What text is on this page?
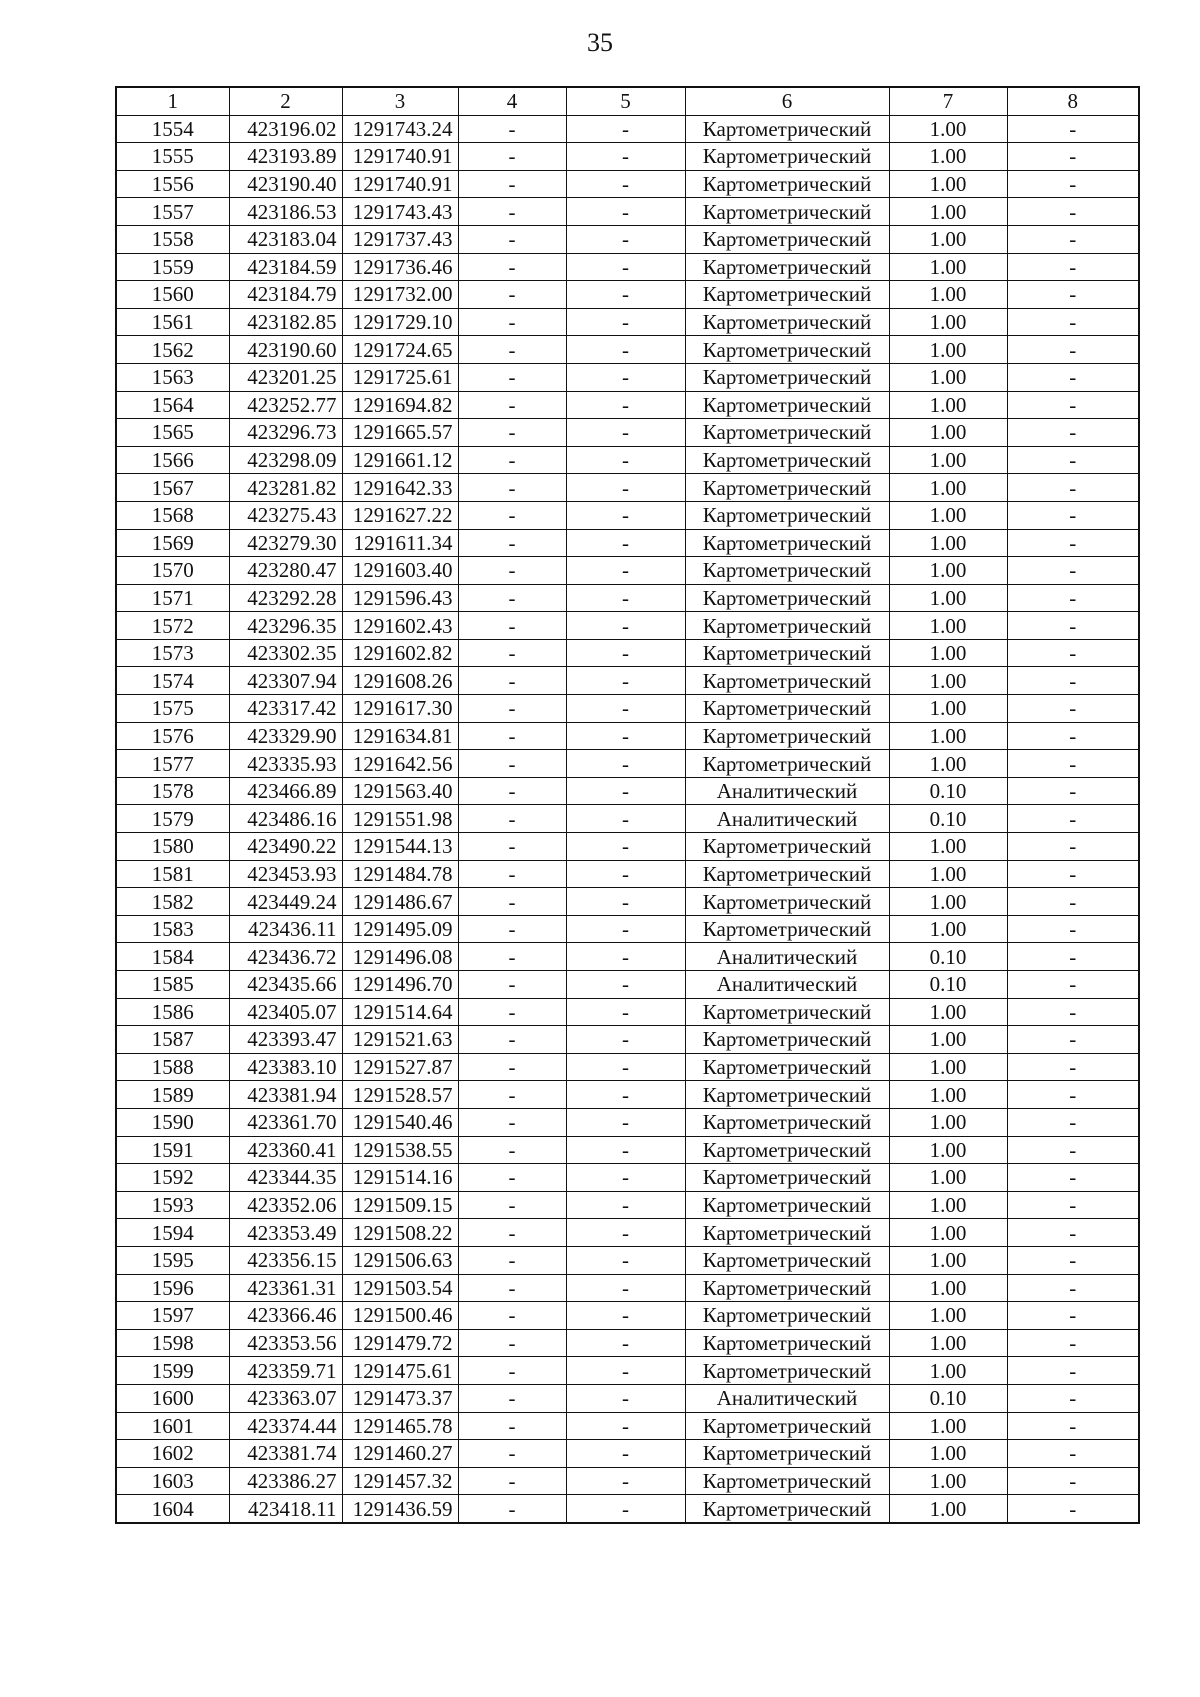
35
1	2	3	4	5	6	7	8
1554	423196.02	1291743.24	-	-	Картометрический	1.00	-
1555	423193.89	1291740.91	-	-	Картометрический	1.00	-
1556	423190.40	1291740.91	-	-	Картометрический	1.00	-
1557	423186.53	1291743.43	-	-	Картометрический	1.00	-
1558	423183.04	1291737.43	-	-	Картометрический	1.00	-
1559	423184.59	1291736.46	-	-	Картометрический	1.00	-
1560	423184.79	1291732.00	-	-	Картометрический	1.00	-
1561	423182.85	1291729.10	-	-	Картометрический	1.00	-
1562	423190.60	1291724.65	-	-	Картометрический	1.00	-
1563	423201.25	1291725.61	-	-	Картометрический	1.00	-
1564	423252.77	1291694.82	-	-	Картометрический	1.00	-
1565	423296.73	1291665.57	-	-	Картометрический	1.00	-
1566	423298.09	1291661.12	-	-	Картометрический	1.00	-
1567	423281.82	1291642.33	-	-	Картометрический	1.00	-
1568	423275.43	1291627.22	-	-	Картометрический	1.00	-
1569	423279.30	1291611.34	-	-	Картометрический	1.00	-
1570	423280.47	1291603.40	-	-	Картометрический	1.00	-
1571	423292.28	1291596.43	-	-	Картометрический	1.00	-
1572	423296.35	1291602.43	-	-	Картометрический	1.00	-
1573	423302.35	1291602.82	-	-	Картометрический	1.00	-
1574	423307.94	1291608.26	-	-	Картометрический	1.00	-
1575	423317.42	1291617.30	-	-	Картометрический	1.00	-
1576	423329.90	1291634.81	-	-	Картометрический	1.00	-
1577	423335.93	1291642.56	-	-	Картометрический	1.00	-
1578	423466.89	1291563.40	-	-	Аналитический	0.10	-
1579	423486.16	1291551.98	-	-	Аналитический	0.10	-
1580	423490.22	1291544.13	-	-	Картометрический	1.00	-
1581	423453.93	1291484.78	-	-	Картометрический	1.00	-
1582	423449.24	1291486.67	-	-	Картометрический	1.00	-
1583	423436.11	1291495.09	-	-	Картометрический	1.00	-
1584	423436.72	1291496.08	-	-	Аналитический	0.10	-
1585	423435.66	1291496.70	-	-	Аналитический	0.10	-
1586	423405.07	1291514.64	-	-	Картометрический	1.00	-
1587	423393.47	1291521.63	-	-	Картометрический	1.00	-
1588	423383.10	1291527.87	-	-	Картометрический	1.00	-
1589	423381.94	1291528.57	-	-	Картометрический	1.00	-
1590	423361.70	1291540.46	-	-	Картометрический	1.00	-
1591	423360.41	1291538.55	-	-	Картометрический	1.00	-
1592	423344.35	1291514.16	-	-	Картометрический	1.00	-
1593	423352.06	1291509.15	-	-	Картометрический	1.00	-
1594	423353.49	1291508.22	-	-	Картометрический	1.00	-
1595	423356.15	1291506.63	-	-	Картометрический	1.00	-
1596	423361.31	1291503.54	-	-	Картометрический	1.00	-
1597	423366.46	1291500.46	-	-	Картометрический	1.00	-
1598	423353.56	1291479.72	-	-	Картометрический	1.00	-
1599	423359.71	1291475.61	-	-	Картометрический	1.00	-
1600	423363.07	1291473.37	-	-	Аналитический	0.10	-
1601	423374.44	1291465.78	-	-	Картометрический	1.00	-
1602	423381.74	1291460.27	-	-	Картометрический	1.00	-
1603	423386.27	1291457.32	-	-	Картометрический	1.00	-
1604	423418.11	1291436.59	-	-	Картометрический	1.00	-
